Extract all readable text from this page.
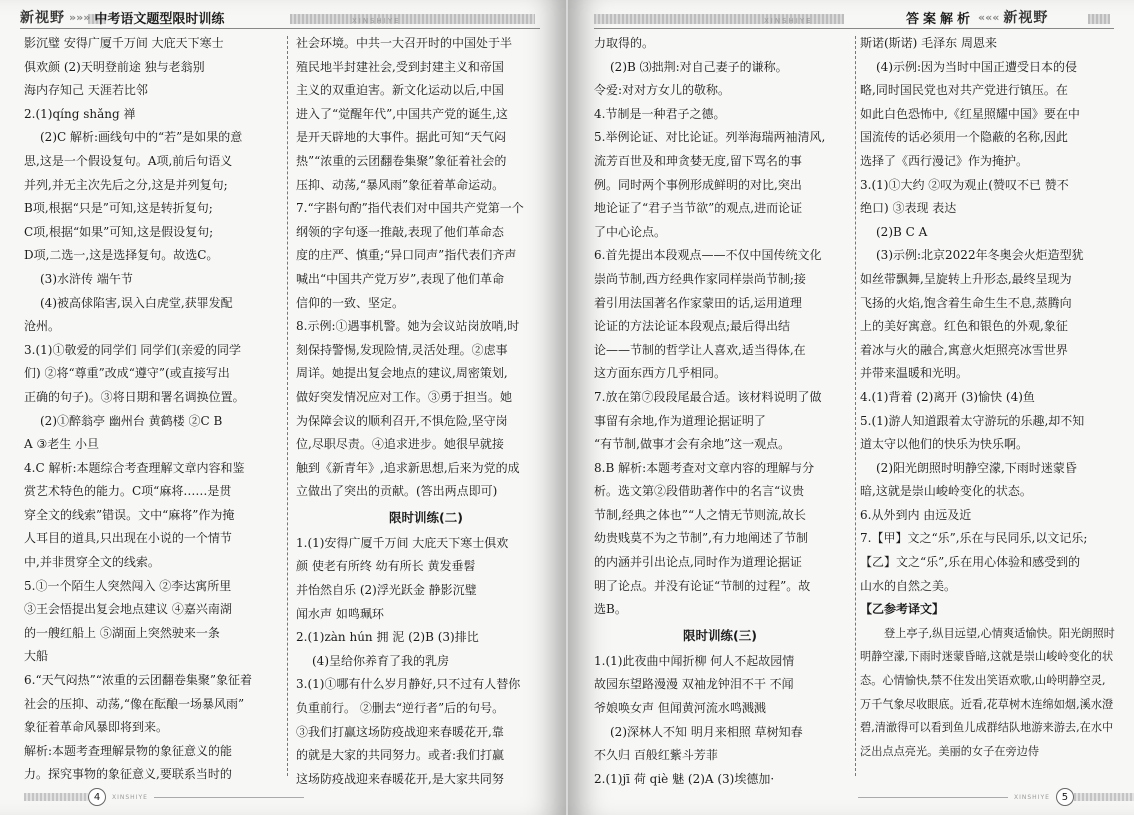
新视野 »»» 中考语文题型限时训练	XINSHIYE

影沉璧 安得广厦千万间 大庇天下寒士

俱欢颜 (2)天明登前途 独与老翁别

海内存知己 天涯若比邻

2.(1)qíng shǎng 禅

(2)C 解析:画线句中的“若”是如果的意

思,这是一个假设复句。A项,前后句语义

并列,并无主次先后之分,这是并列复句;

B项,根据“只是”可知,这是转折复句;

C项,根据“如果”可知,这是假设复句;

D项,二选一,这是选择复句。故选C。

(3)水浒传 端午节

(4)被高俅陷害,误入白虎堂,获罪发配

沧州。

3.(1)①敬爱的同学们 同学们(亲爱的同学

们) ②将“尊重”改成“遵守”(或直接写出

正确的句子)。③将日期和署名调换位置。

(2)①醉翁亭 幽州台 黄鹤楼 ②C B

A ③老生 小旦

4.C 解析:本题综合考查理解文章内容和鉴

赏艺术特色的能力。C项“麻将……是贯

穿全文的线索”错误。文中“麻将”作为掩

人耳目的道具,只出现在小说的一个情节

中,并非贯穿全文的线索。

5.①一个陌生人突然闯入 ②李达寓所里

③王会悟提出复会地点建议 ④嘉兴南湖

的一艘红船上 ⑤湖面上突然驶来一条

大船

6.“天气闷热”“浓重的云团翻卷集聚”象征着

社会的压抑、动荡,“像在酝酿一场暴风雨”

象征着革命风暴即将到来。

解析:本题考查理解景物的象征意义的能

力。探究事物的象征意义,要联系当时的

社会环境。中共一大召开时的中国处于半

殖民地半封建社会,受到封建主义和帝国

主义的双重迫害。新文化运动以后,中国

进入了“觉醒年代”,中国共产党的诞生,这

是开天辟地的大事件。据此可知“天气闷

热”“浓重的云团翻卷集聚”象征着社会的

压抑、动荡,“暴风雨”象征着革命运动。

7.“字斟句酌”指代表们对中国共产党第一个

纲领的字句逐一推敲,表现了他们革命态

度的庄严、慎重;“异口同声”指代表们齐声

喊出“中国共产党万岁”,表现了他们革命

信仰的一致、坚定。

8.示例:①遇事机警。她为会议站岗放哨,时

刻保持警惕,发现险情,灵活处理。②虑事

周详。她提出复会地点的建议,周密策划,

做好突发情况应对工作。③勇于担当。她

为保障会议的顺利召开,不惧危险,坚守岗

位,尽职尽责。④追求进步。她很早就接

触到《新青年》,追求新思想,后来为党的成

立做出了突出的贡献。(答出两点即可)

限时训练(二)

1.(1)安得广厦千万间 大庇天下寒士俱欢

颜 使老有所终 幼有所长 黄发垂髫

并怡然自乐 (2)浮光跃金 静影沉璧

闻水声 如鸣珮环

2.(1)zàn hún 拥 泥 (2)B (3)排比

(4)呈给你养育了我的乳房

3.(1)①哪有什么岁月静好,只不过有人替你

负重前行。 ②删去“逆行者”后的句号。

③我们打赢这场防疫战迎来春暖花开,靠

的就是大家的共同努力。或者:我们打赢

这场防疫战迎来春暖花开,是大家共同努

4	XINSHIYE
XINSHIYE	答案解析 ««« 新视野

力取得的。

(2)B ⑶拙荆:对自己妻子的谦称。

令爱:对对方女儿的敬称。

4.节制是一种君子之德。

5.举例论证、对比论证。列举海瑞两袖清风,

流芳百世及和珅贪婪无度,留下骂名的事

例。同时两个事例形成鲜明的对比,突出

地论证了“君子当节欲”的观点,进而论证

了中心论点。

6.首先提出本段观点——不仅中国传统文化

崇尚节制,西方经典作家同样崇尚节制;接

着引用法国著名作家蒙田的话,运用道理

论证的方法论证本段观点;最后得出结

论——节制的哲学让人喜欢,适当得体,在

这方面东西方几乎相同。

7.放在第⑦段段尾最合适。该材料说明了做

事留有余地,作为道理论据证明了

“有节制,做事才会有余地”这一观点。

8.B 解析:本题考查对文章内容的理解与分

析。选文第②段借助著作中的名言“议贵

节制,经典之体也”“人之情无节则流,故长

幼贵贱莫不为之节制”,有力地阐述了节制

的内涵并引出论点,同时作为道理论据证

明了论点。并没有论证“节制的过程”。故

选B。

限时训练(三)

1.(1)此夜曲中闻折柳 何人不起故园情

故园东望路漫漫 双袖龙钟泪不干 不闻

爷娘唤女声 但闻黄河流水鸣溅溅

(2)深林人不知 明月来相照 草树知春

不久归 百般红紫斗芳菲

2.(1)jī 荷 qiè 魅 (2)A (3)埃德加·

斯诺(斯诺) 毛泽东 周恩来

(4)示例:因为当时中国正遭受日本的侵

略,同时国民党也对共产党进行镇压。在

如此白色恐怖中,《红星照耀中国》要在中

国流传的话必须用一个隐蔽的名称,因此

选择了《西行漫记》作为掩护。

3.(1)①大约 ②叹为观止(赞叹不已 赞不

绝口) ③表现 表达

(2)B C A

(3)示例:北京2022年冬奥会火炬造型犹

如丝带飘舞,呈旋转上升形态,最终呈现为

飞扬的火焰,饱含着生命生生不息,蒸腾向

上的美好寓意。红色和银色的外观,象征

着冰与火的融合,寓意火炬照亮冰雪世界

并带来温暖和光明。

4.(1)背着 (2)离开 (3)愉快 (4)鱼

5.(1)游人知道跟着太守游玩的乐趣,却不知

道太守以他们的快乐为快乐啊。

(2)阳光朗照时明静空濛,下雨时迷蒙昏

暗,这就是崇山峻岭变化的状态。

6.从外到内 由远及近

7.【甲】文之“乐”,乐在与民同乐,以文记乐;

【乙】文之“乐”,乐在用心体验和感受到的

山水的自然之美。

【乙参考译文】

登上亭子,纵目远望,心情爽适愉快。阳光朗照时明静空濛,下雨时迷蒙昏暗,这就是崇山峻岭变化的状态。心情愉快,禁不住发出笑语欢歌,山岭明静空灵,万千气象尽收眼底。近看,花草树木连绵如烟,溪水澄碧,清澈得可以看到鱼儿成群结队地游来游去,在水中泛出点点亮光。美丽的女子在旁边侍

XINSHIYE	5
